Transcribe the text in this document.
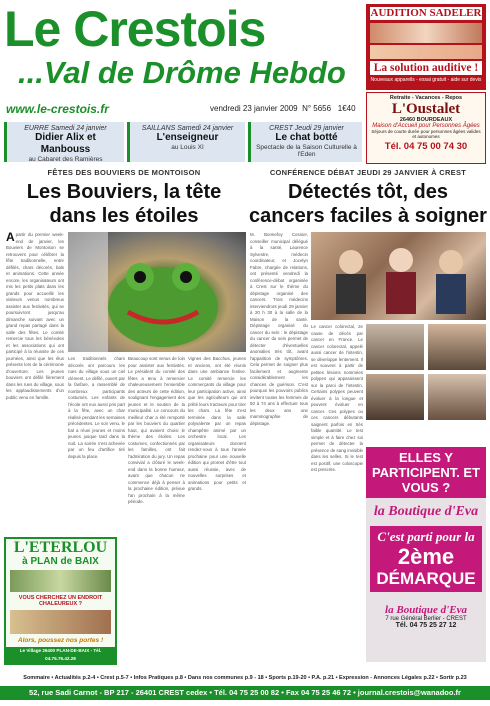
Le Crestois
...Val de Drôme Hebdo
www.le-crestois.fr	vendredi 23 janvier 2009 N° 5656 1€40
AUDITION SADELER
La solution auditive !
Nouveaux appareils - essai gratuit - aide sur devis
Retraite - Vacances - Repos
L'Oustalet
26460 BOURDEAUX
Maison d'Accueil pour Personnes Âgées
Séjours de courte durée pour personnes âgées valides et autonomes
Tél. 04 75 00 74 30
EURRE Samedi 24 janvier
Didier Alix et Manbouss
au Cabaret des Ramières
SAILLANS Samedi 24 janvier
L'enseigneur
au Louis XI
CREST Jeudi 29 janvier
Le chat botté
Spectacle de la Saison Culturelle à l'Eden
FÊTES DES BOUVIERS DE MONTOISON
Les Bouviers, la tête dans les étoiles
Apartir du premier week-end de janvier, les Bouviers de Montoison se retrouvent pour célébrer la fête traditionnelle, entre défilés, chars décorés, bals et animations. Cette année encore, les organisateurs ont mis les petits plats dans les grands pour accueillir les visiteurs venus nombreux assister aux festivités, qui se poursuivront jusqu'au dimanche suivant avec un grand repas partagé dans la salle des fêtes. Le comité remercie tous les bénévoles et les associations qui ont participé à la réussite de ces journées, ainsi que les élus présents lors de la cérémonie d'ouverture. Les jeunes bouviers ont défilé fièrement dans les rues du village, sous les applaudissements d'un public venu en famille.
Les traditionnels chars décorés ont parcouru les rues du village sous un ciel clément. Le défilé, ouvert par la fanfare, a rassemblé de nombreux participants costumés. Les enfants de l'école ont eux aussi pris part à la fête, avec un char réalisé pendant les semaines précédentes. Le soir venu, le bal a réuni jeunes et moins jeunes jusque tard dans la nuit. La soirée s'est achevée par un feu d'artifice tiré depuis la place.
Beaucoup sont venus de loin pour assister aux festivités. Le président du comité des fêtes a tenu à remercier chaleureusement l'ensemble des acteurs de cette édition, soulignant l'engagement des jeunes et le soutien de la municipalité. Le concours du meilleur char a été remporté par les bouviers du quartier haut, qui avaient choisi le thème des étoiles. Les costumes, confectionnés par les familles, ont fait l'admiration du jury. Un repas convivial a clôturé le week-end dans la bonne humeur, avant que chacun ne commence déjà à penser à la prochaine édition, prévue l'an prochain à la même période.
Vignes des Bacchus, jeunes et anciens, ont été réunis dans une ambiance festive. Le comité remercie les commerçants du village pour leur participation active, ainsi que les agriculteurs qui ont prêté leurs tracteurs pour tirer les chars. La fête s'est terminée dans la salle polyvalente par un repas champêtre animé par un orchestre local. Les organisateurs donnent rendez-vous à tous l'année prochaine pour une nouvelle édition qui promet d'être tout aussi réussie, avec de nouvelles surprises et animations pour petits et grands.
CONFÉRENCE DÉBAT JEUDI 29 JANVIER À CREST
Détectés tôt, des cancers faciles à soigner
M. Bonnefoy Cosnier, conseiller municipal délégué à la santé, Laurence Sylvestre, médecin coordinateur, et Jocelyn Fabre, chargée de relations, ont présenté vendredi la conférence-débat organisée à Crest sur le thème du dépistage organisé des cancers. Trois médecins interviendront jeudi 29 janvier à 20 h 30 à la salle de la Maison de la santé. Dépistage organisé du cancer du sein : le dépistage du cancer du sein permet de détecter d'éventuelles anomalies très tôt, avant l'apparition de symptômes. Cela permet de soigner plus facilement et augmente considérablement les chances de guérison. C'est pourquoi les pouvoirs publics invitent toutes les femmes de 50 à 74 ans à effectuer tous les deux ans une mammographie de dépistage.
Le cancer colorectal, 2e cause de décès par cancer en France. Le cancer colorectal, appelé aussi cancer de l'intestin, se développe lentement. Il est souvent à partir de petites lésions nommées polypes qui apparaissent sur la paroi de l'intestin. Certains polypes peuvent évoluer à la longue et peuvent évoluer en cancer. Ces polypes ou ces cancers débutants saignent parfois en très faible quantité. Le test simple et à faire chez soi permet de détecter la présence de sang invisible dans les selles. Si le test est positif, une coloscopie est prescrite.
ELLES Y PARTICIPENT. ET VOUS ?
la Boutique d'Eva
C'est parti pour la
2ème
DÉMARQUE
la Boutique d'Eva
7 rue Général Berlier - CREST
Tél. 04 75 25 27 12
L'ETERLOU
à PLAN de BAIX
VOUS CHERCHEZ UN ENDROIT CHALEUREUX ?
Alors, poussez nos portes !
Le Village 26400 PLAN-DE-BAIX - Tél. 04.75.76.42.28
Sommaire • Actualités p.2-4 • Crest p.5-7 • Infos Pratiques p.8 • Dans nos communes p.9 - 18 • Sports p.19-20 • P.A. p.21 • Expression - Annonces Légales p.22 • Sortir p.23
52, rue Sadi Carnot - BP 217 - 26401 CREST cedex • Tél. 04 75 25 00 82 • Fax 04 75 25 46 72 • journal.crestois@wanadoo.fr
